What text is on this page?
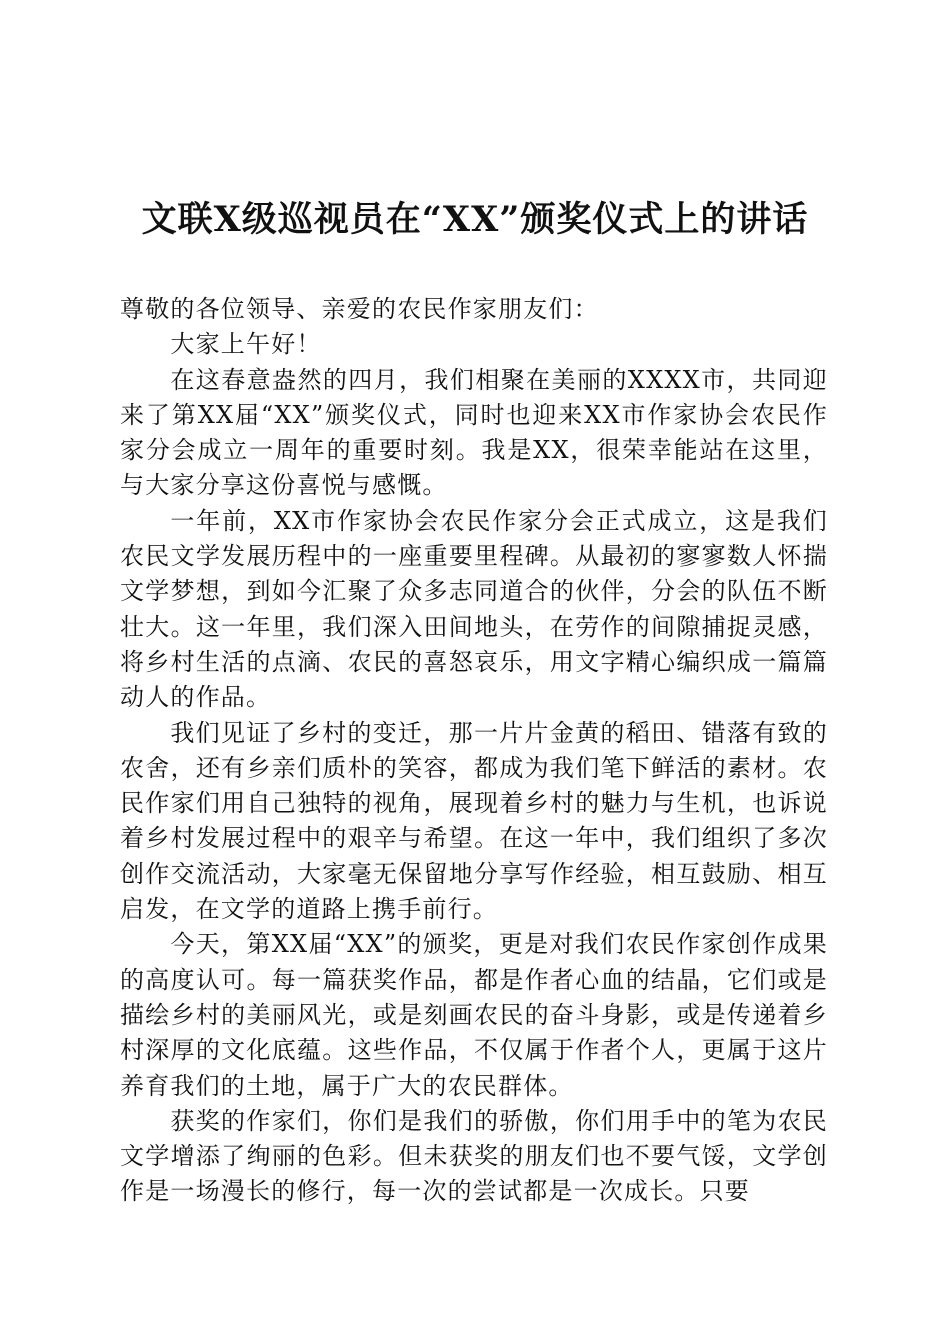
文联X级巡视员在“XX”颁奖仪式上的讲话

尊敬的各位领导、亲爱的农民作家朋友们：

大家上午好！

在这春意盎然的四月，我们相聚在美丽的XXXX市，共同迎来了第XX届“XX”颁奖仪式，同时也迎来XX市作家协会农民作家分会成立一周年的重要时刻。我是XX，很荣幸能站在这里，与大家分享这份喜悦与感慨。

一年前，XX市作家协会农民作家分会正式成立，这是我们农民文学发展历程中的一座重要里程碑。从最初的寥寥数人怀揣文学梦想，到如今汇聚了众多志同道合的伙伴，分会的队伍不断壮大。这一年里，我们深入田间地头，在劳作的间隙捕捉灵感，将乡村生活的点滴、农民的喜怒哀乐，用文字精心编织成一篇篇动人的作品。

我们见证了乡村的变迁，那一片片金黄的稻田、错落有致的农舍，还有乡亲们质朴的笑容，都成为我们笔下鲜活的素材。农民作家们用自己独特的视角，展现着乡村的魅力与生机，也诉说着乡村发展过程中的艰辛与希望。在这一年中，我们组织了多次创作交流活动，大家毫无保留地分享写作经验，相互鼓励、相互启发，在文学的道路上携手前行。

今天，第XX届“XX”的颁奖，更是对我们农民作家创作成果的高度认可。每一篇获奖作品，都是作者心血的结晶，它们或是描绘乡村的美丽风光，或是刻画农民的奋斗身影，或是传递着乡村深厚的文化底蕴。这些作品，不仅属于作者个人，更属于这片养育我们的土地，属于广大的农民群体。

获奖的作家们，你们是我们的骄傲，你们用手中的笔为农民文学增添了绚丽的色彩。但未获奖的朋友们也不要气馁，文学创作是一场漫长的修行，每一次的尝试都是一次成长。只要
